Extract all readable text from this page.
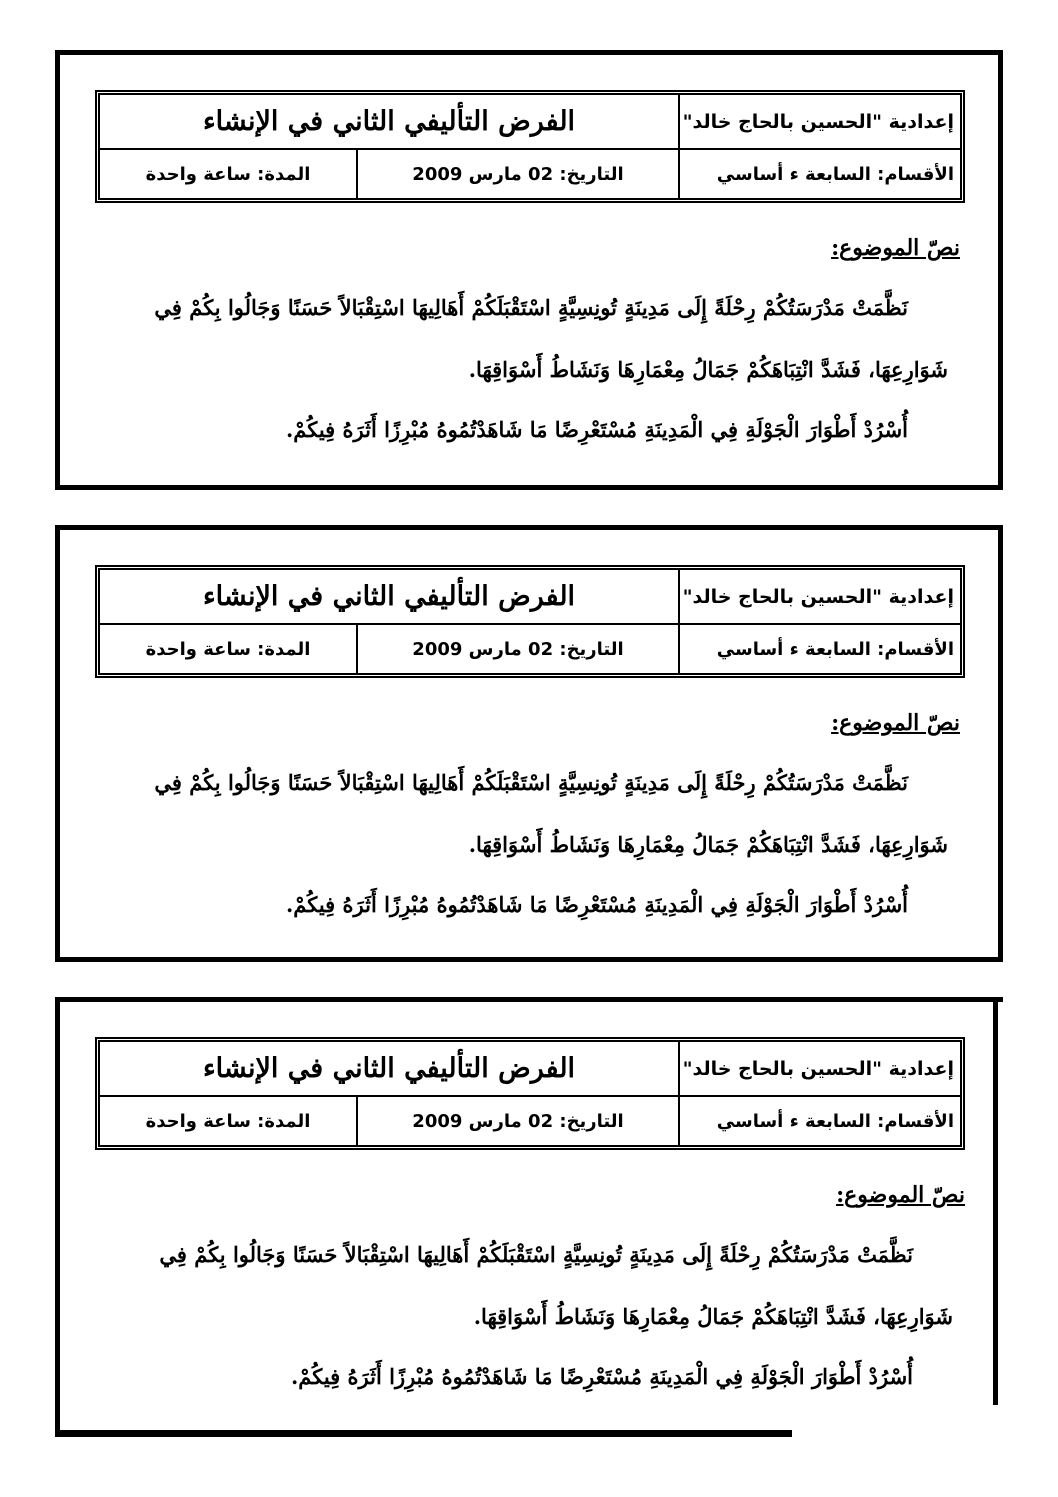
الفرض التأليفي الثاني في الإنشاء	إعدادية "الحسين بالحاج خالد"
المدة: ساعة واحدة	التاريخ: 02 مارس 2009	الأقسام: السابعة ء أساسي
نصّ الموضوع:

نَظَّمَتْ مَدْرَسَتُكُمْ رِحْلَةً إِلَى مَدِينَةٍ تُونِسِيَّةٍ اسْتَقْبَلَكُمْ أَهَالِيهَا اسْتِقْبَالاً حَسَنًا وَجَالُوا بِكُمْ فِي
شَوَارِعِهَا، فَشَدَّ انْتِبَاهَكُمْ جَمَالُ مِعْمَارِهَا وَنَشَاطُ أَسْوَاقِهَا.

أُسْرُدْ أَطْوَارَ الْجَوْلَةِ فِي الْمَدِينَةِ مُسْتَعْرِضًا مَا شَاهَدْتُمُوهُ مُبْرِزًا أَثَرَهُ فِيكُمْ.

الفرض التأليفي الثاني في الإنشاء	إعدادية "الحسين بالحاج خالد"
المدة: ساعة واحدة	التاريخ: 02 مارس 2009	الأقسام: السابعة ء أساسي
نصّ الموضوع:

نَظَّمَتْ مَدْرَسَتُكُمْ رِحْلَةً إِلَى مَدِينَةٍ تُونِسِيَّةٍ اسْتَقْبَلَكُمْ أَهَالِيهَا اسْتِقْبَالاً حَسَنًا وَجَالُوا بِكُمْ فِي
شَوَارِعِهَا، فَشَدَّ انْتِبَاهَكُمْ جَمَالُ مِعْمَارِهَا وَنَشَاطُ أَسْوَاقِهَا.

أُسْرُدْ أَطْوَارَ الْجَوْلَةِ فِي الْمَدِينَةِ مُسْتَعْرِضًا مَا شَاهَدْتُمُوهُ مُبْرِزًا أَثَرَهُ فِيكُمْ.

الفرض التأليفي الثاني في الإنشاء	إعدادية "الحسين بالحاج خالد"
المدة: ساعة واحدة	التاريخ: 02 مارس 2009	الأقسام: السابعة ء أساسي
نصّ الموضوع:

نَظَّمَتْ مَدْرَسَتُكُمْ رِحْلَةً إِلَى مَدِينَةٍ تُونِسِيَّةٍ اسْتَقْبَلَكُمْ أَهَالِيهَا اسْتِقْبَالاً حَسَنًا وَجَالُوا بِكُمْ فِي
شَوَارِعِهَا، فَشَدَّ انْتِبَاهَكُمْ جَمَالُ مِعْمَارِهَا وَنَشَاطُ أَسْوَاقِهَا.

أُسْرُدْ أَطْوَارَ الْجَوْلَةِ فِي الْمَدِينَةِ مُسْتَعْرِضًا مَا شَاهَدْتُمُوهُ مُبْرِزًا أَثَرَهُ فِيكُمْ.
